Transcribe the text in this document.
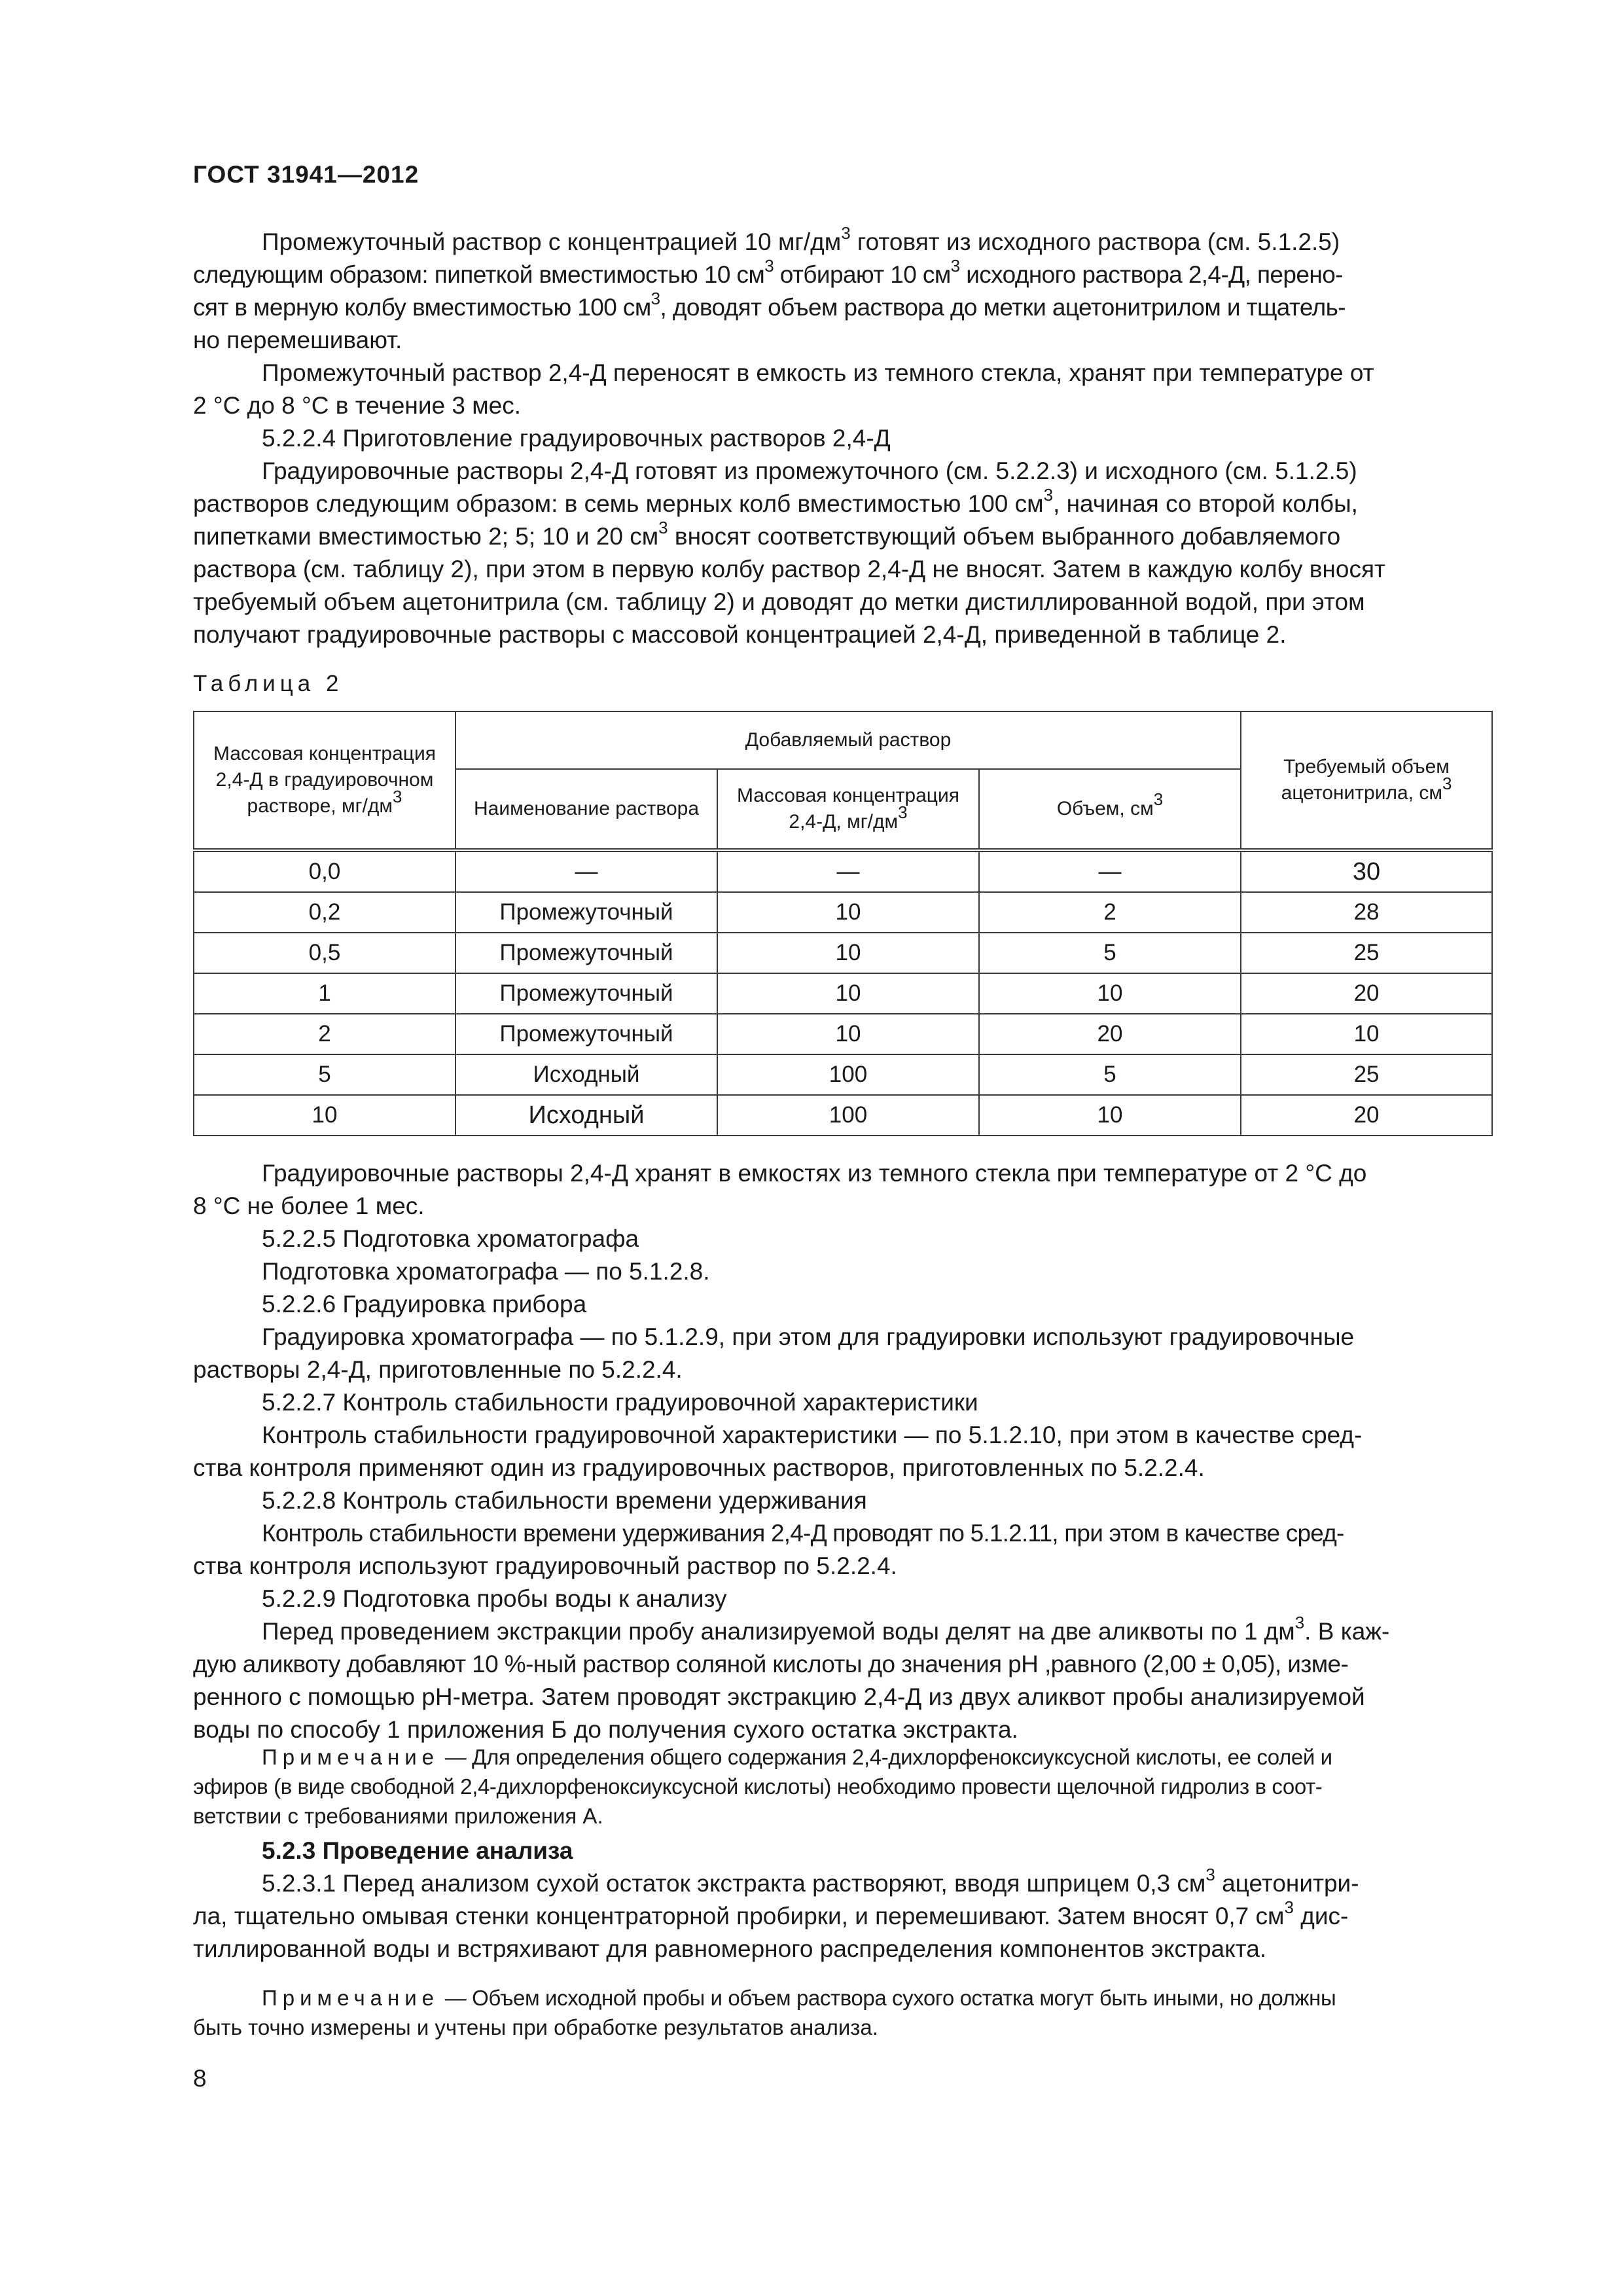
ГОСТ 31941—2012

Промежуточный раствор с концентрацией 10 $мг/дм^3$ готовят из исходного раствора (см. 5.1.2.5)

следующим образом: пипеткой вместимостью 10 $см^3$ отбирают 10 $см^3$ исходного раствора 2,4-Д, перено-

сят в мерную колбу вместимостью 100 $см^3$, доводят объем раствора до метки ацетонитрилом и тщатель-

но перемешивают.

Промежуточный раствор 2,4-Д переносят в емкость из темного стекла, хранят при температуре от

2 °С до 8 °С в течение 3 мес.

5.2.2.4 Приготовление градуировочных растворов 2,4-Д

Градуировочные растворы 2,4-Д готовят из промежуточного (см. 5.2.2.3) и исходного (см. 5.1.2.5)

растворов следующим образом: в семь мерных колб вместимостью 100 $см^3$, начиная со второй колбы,

пипетками вместимостью 2; 5; 10 и 20 $см^3$ вносят соответствующий объем выбранного добавляемого

раствора (см. таблицу 2), при этом в первую колбу раствор 2,4-Д не вносят. Затем в каждую колбу вносят

требуемый объем ацетонитрила (см. таблицу 2) и доводят до метки дистиллированной водой, при этом

получают градуировочные растворы с массовой концентрацией 2,4-Д, приведенной в таблице 2.

Таблица 2
Массовая концентрация 2,4-Д в градуировочном растворе, $мг/дм^3$	Добавляемый раствор			Требуемый объем ацетонитрила, $см^3$
	Наименование раствора	Массовая концентрация 2,4-Д, $мг/дм^3$	Объем, $см^3$
0,0	—	—	—	30
0,2	Промежуточный	10	2	28
0,5	Промежуточный	10	5	25
1	Промежуточный	10	10	20
2	Промежуточный	10	20	10
5	Исходный	100	5	25
10	Исходный	100	10	20

Градуировочные растворы 2,4-Д хранят в емкостях из темного стекла при температуре от 2 °С до

8 °С не более 1 мес.

5.2.2.5 Подготовка хроматографа

Подготовка хроматографа — по 5.1.2.8.

5.2.2.6 Градуировка прибора

Градуировка хроматографа — по 5.1.2.9, при этом для градуировки используют градуировочные

растворы 2,4-Д, приготовленные по 5.2.2.4.

5.2.2.7 Контроль стабильности градуировочной характеристики

Контроль стабильности градуировочной характеристики — по 5.1.2.10, при этом в качестве сред-

ства контроля применяют один из градуировочных растворов, приготовленных по 5.2.2.4.

5.2.2.8 Контроль стабильности времени удерживания

Контроль стабильности времени удерживания 2,4-Д проводят по 5.1.2.11, при этом в качестве сред-

ства контроля используют градуировочный раствор по 5.2.2.4.

5.2.2.9 Подготовка пробы воды к анализу

Перед проведением экстракции пробу анализируемой воды делят на две аликвоты по 1 $дм^3$. В каж-

дую аликвоту добавляют 10 %-ный раствор соляной кислоты до значения pH ,равного (2,00 ± 0,05), изме-

ренного с помощью pH-метра. Затем проводят экстракцию 2,4-Д из двух аликвот пробы анализируемой

воды по способу 1 приложения Б до получения сухого остатка экстракта.

Примечание — Для определения общего содержания 2,4-дихлорфеноксиуксусной кислоты, ее солей и

эфиров (в виде свободной 2,4-дихлорфеноксиуксусной кислоты) необходимо провести щелочной гидролиз в соот-

ветствии с требованиями приложения А.

5.2.3 Проведение анализа

5.2.3.1 Перед анализом сухой остаток экстракта растворяют, вводя шприцем 0,3 $см^3$ ацетонитри-

ла, тщательно омывая стенки концентраторной пробирки, и перемешивают. Затем вносят 0,7 $см^3$ дис-

тиллированной воды и встряхивают для равномерного распределения компонентов экстракта.

Примечание — Объем исходной пробы и объем раствора сухого остатка могут быть иными, но должны

быть точно измерены и учтены при обработке результатов анализа.

8
